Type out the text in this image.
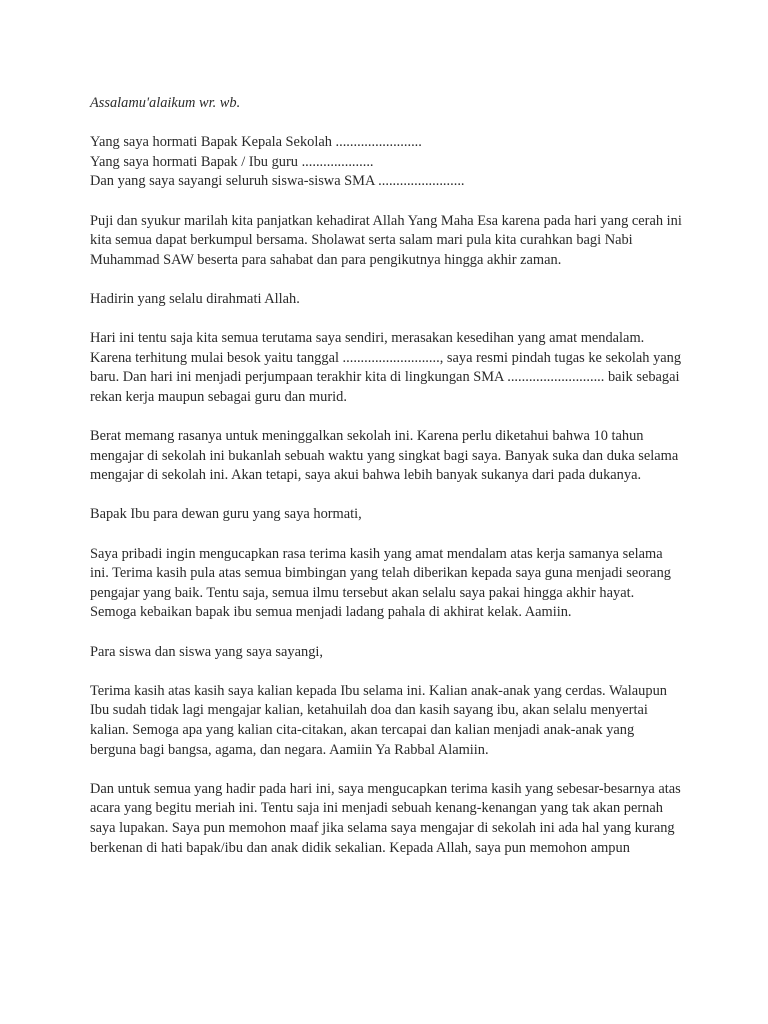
Assalamu'alaikum wr. wb.

Yang saya hormati Bapak Kepala Sekolah ........................
Yang saya hormati Bapak / Ibu guru ....................
Dan yang saya sayangi seluruh siswa-siswa SMA ........................

Puji dan syukur marilah kita panjatkan kehadirat Allah Yang Maha Esa karena pada hari yang cerah ini kita semua dapat berkumpul bersama. Sholawat serta salam mari pula kita curahkan bagi Nabi Muhammad SAW beserta para sahabat dan para pengikutnya hingga akhir zaman.

Hadirin yang selalu dirahmati Allah.

Hari ini tentu saja kita semua terutama saya sendiri, merasakan kesedihan yang amat mendalam. Karena terhitung mulai besok yaitu tanggal ..........................., saya resmi pindah tugas ke sekolah yang baru. Dan hari ini menjadi perjumpaan terakhir kita di lingkungan SMA ........................... baik sebagai rekan kerja maupun sebagai guru dan murid.

Berat memang rasanya untuk meninggalkan sekolah ini. Karena perlu diketahui bahwa 10 tahun mengajar di sekolah ini bukanlah sebuah waktu yang singkat bagi saya. Banyak suka dan duka selama mengajar di sekolah ini. Akan tetapi, saya akui bahwa lebih banyak sukanya dari pada dukanya.

Bapak Ibu para dewan guru yang saya hormati,

Saya pribadi ingin mengucapkan rasa terima kasih yang amat mendalam atas kerja samanya selama ini. Terima kasih pula atas semua bimbingan yang telah diberikan kepada saya guna menjadi seorang pengajar yang baik. Tentu saja, semua ilmu tersebut akan selalu saya pakai hingga akhir hayat. Semoga kebaikan bapak ibu semua menjadi ladang pahala di akhirat kelak. Aamiin.

Para siswa dan siswa yang saya sayangi,

Terima kasih atas kasih saya kalian kepada Ibu selama ini. Kalian anak-anak yang cerdas. Walaupun Ibu sudah tidak lagi mengajar kalian, ketahuilah doa dan kasih sayang ibu, akan selalu menyertai kalian. Semoga apa yang kalian cita-citakan, akan tercapai dan kalian menjadi anak-anak yang berguna bagi bangsa, agama, dan negara. Aamiin Ya Rabbal Alamiin.

Dan untuk semua yang hadir pada hari ini, saya mengucapkan terima kasih yang sebesar-besarnya atas acara yang begitu meriah ini. Tentu saja ini menjadi sebuah kenang-kenangan yang tak akan pernah saya lupakan. Saya pun memohon maaf jika selama saya mengajar di sekolah ini ada hal yang kurang berkenan di hati bapak/ibu dan anak didik sekalian. Kepada Allah, saya pun memohon ampun
